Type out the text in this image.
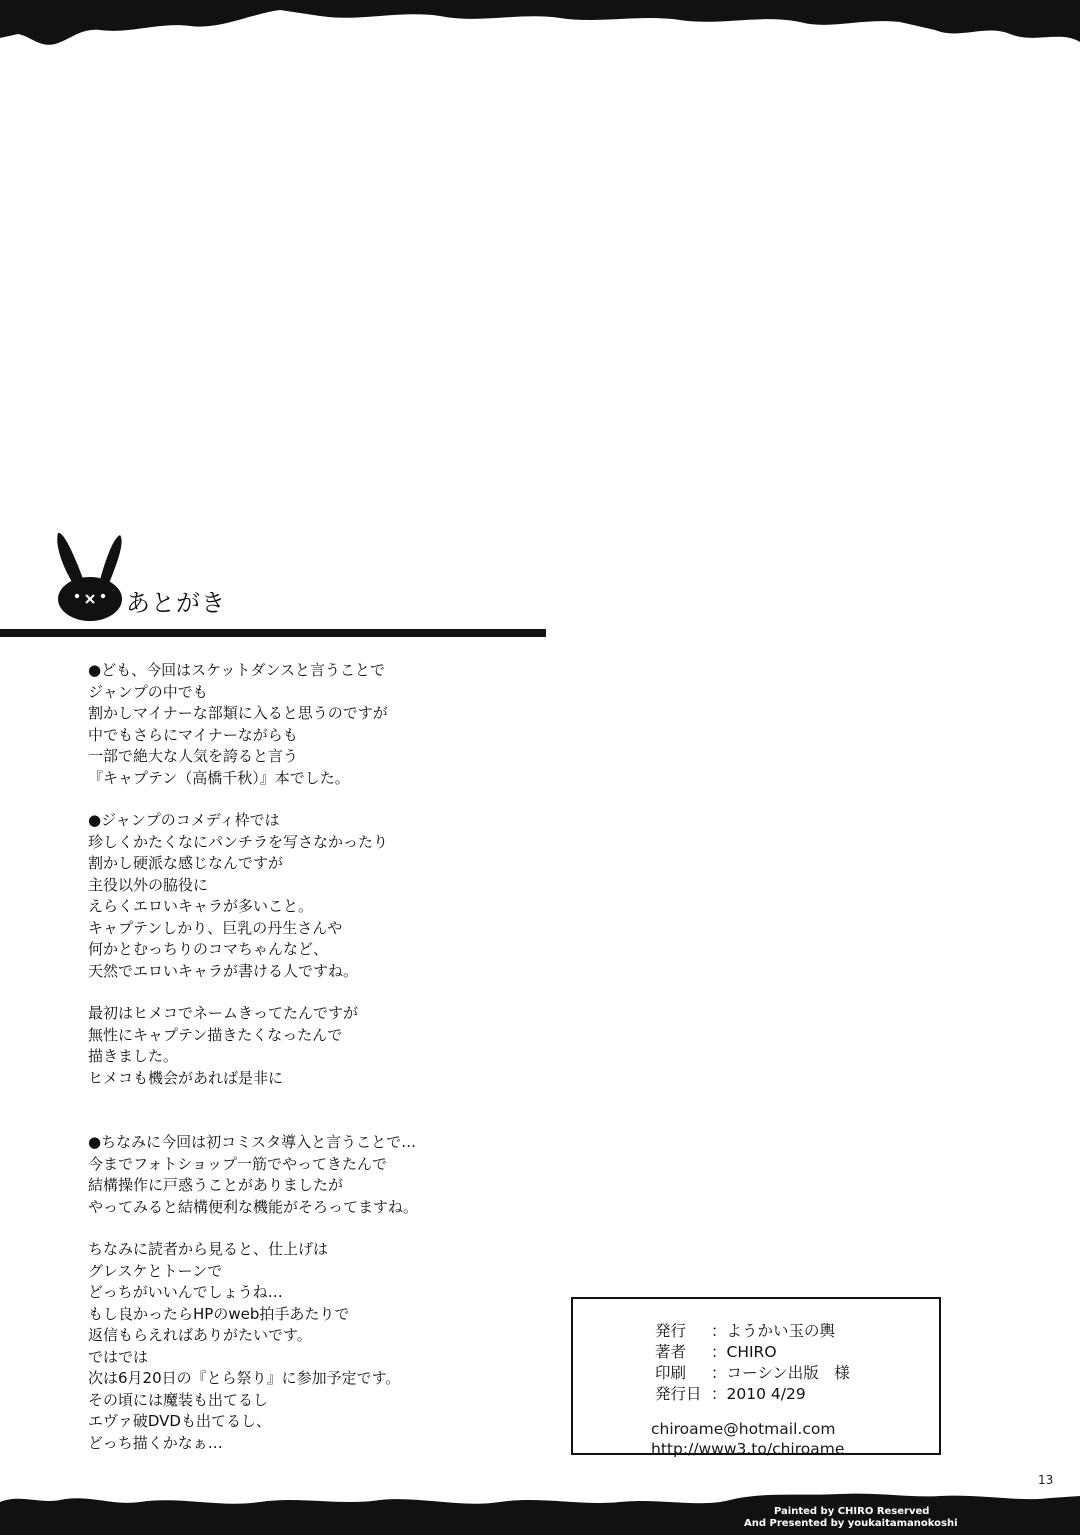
あとがき
●ども、今回はスケットダンスと言うことで
ジャンプの中でも
割かしマイナーな部類に入ると思うのですが
中でもさらにマイナーながらも
一部で絶大な人気を誇ると言う
『キャプテン（高橋千秋）』本でした。
●ジャンプのコメディ枠では
珍しくかたくなにパンチラを写さなかったり
割かし硬派な感じなんですが
主役以外の脇役に
えらくエロいキャラが多いこと。
キャプテンしかり、巨乳の丹生さんや
何かとむっちりのコマちゃんなど、
天然でエロいキャラが書ける人ですね。
最初はヒメコでネームきってたんですが
無性にキャプテン描きたくなったんで
描きました。
ヒメコも機会があれば是非に
●ちなみに今回は初コミスタ導入と言うことで…
今までフォトショップ一筋でやってきたんで
結構操作に戸惑うことがありましたが
やってみると結構便利な機能がそろってますね。
ちなみに読者から見ると、仕上げは
グレスケとトーンで
どっちがいいんでしょうね…
もし良かったらHPのweb拍手あたりで
返信もらえればありがたいです。
ではでは
次は6月20日の『とら祭り』に参加予定です。
その頃には魔装も出てるし
エヴァ破DVDも出てるし、
どっち描くかなぁ…
発行	：ようかい玉の輿
著者	：CHIRO
印刷	：コーシン出版　様
発行日 ：2010 4/29
chiroame@hotmail.com
http://www3.to/chiroame
13
Painted by CHIRO Reserved
And Presented by youkaitamanokoshi
